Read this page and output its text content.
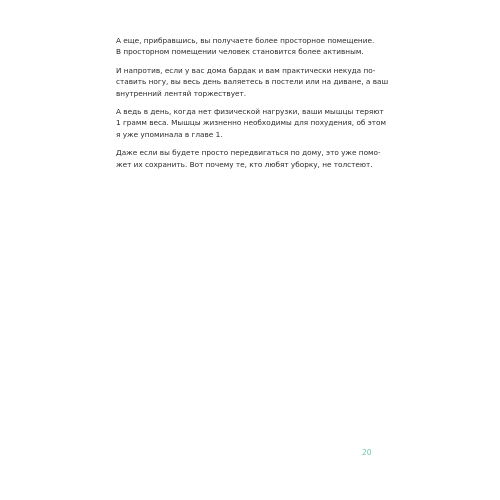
А еще, прибравшись, вы получаете более просторное помещение.
В просторном помещении человек становится более активным.

И напротив, если у вас дома бардак и вам практически некуда по-
ставить ногу, вы весь день валяетесь в постели или на диване, а ваш
внутренний лентяй торжествует.

А ведь в день, когда нет физической нагрузки, ваши мышцы теряют
1 грамм веса. Мышцы жизненно необходимы для похудения, об этом
я уже упоминала в главе 1.

Даже если вы будете просто передвигаться по дому, это уже помо-
жет их сохранить. Вот почему те, кто любят уборку, не толстеют.

20
